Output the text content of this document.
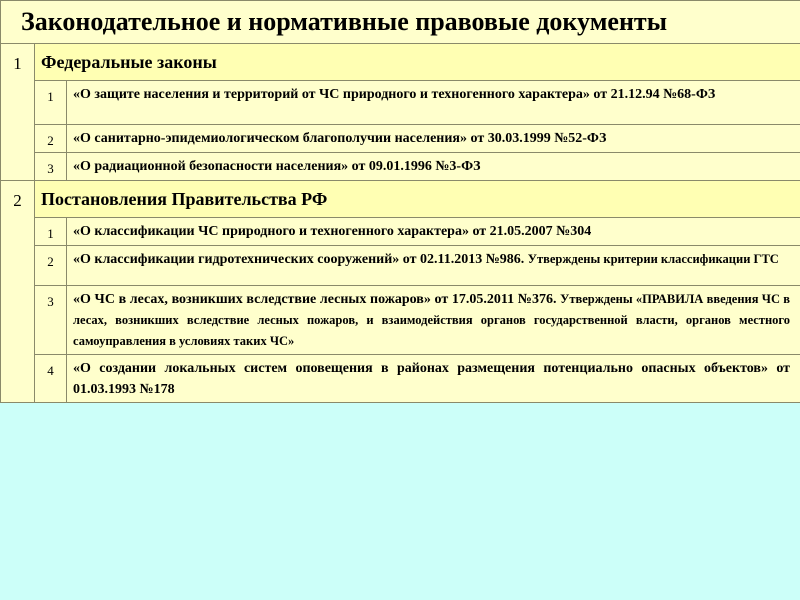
Законодательное и нормативные правовые документы		
1	Федеральные законы	
	1	«О защите населения и территорий от ЧС природного и техногенного характера» от 21.12.94 №68-ФЗ
	2	«О санитарно-эпидемиологическом благополучии населения» от 30.03.1999 №52-ФЗ
	3	«О радиационной безопасности населения» от 09.01.1996 №3-ФЗ
2	Постановления Правительства РФ	
	1	«О классификации ЧС природного и техногенного характера» от 21.05.2007 №304
	2	«О классификации гидротехнических сооружений» от 02.11.2013 №986. Утверждены критерии классификации ГТС
	3	«О ЧС в лесах, возникших вследствие лесных пожаров» от 17.05.2011 №376. Утверждены «ПРАВИЛА введения ЧС в лесах, возникших вследствие лесных пожаров, и взаимодействия органов государственной власти, органов местного самоуправления в условиях таких ЧС»
	4	«О создании локальных систем оповещения в районах размещения потенциально опасных объектов» от 01.03.1993 №178
